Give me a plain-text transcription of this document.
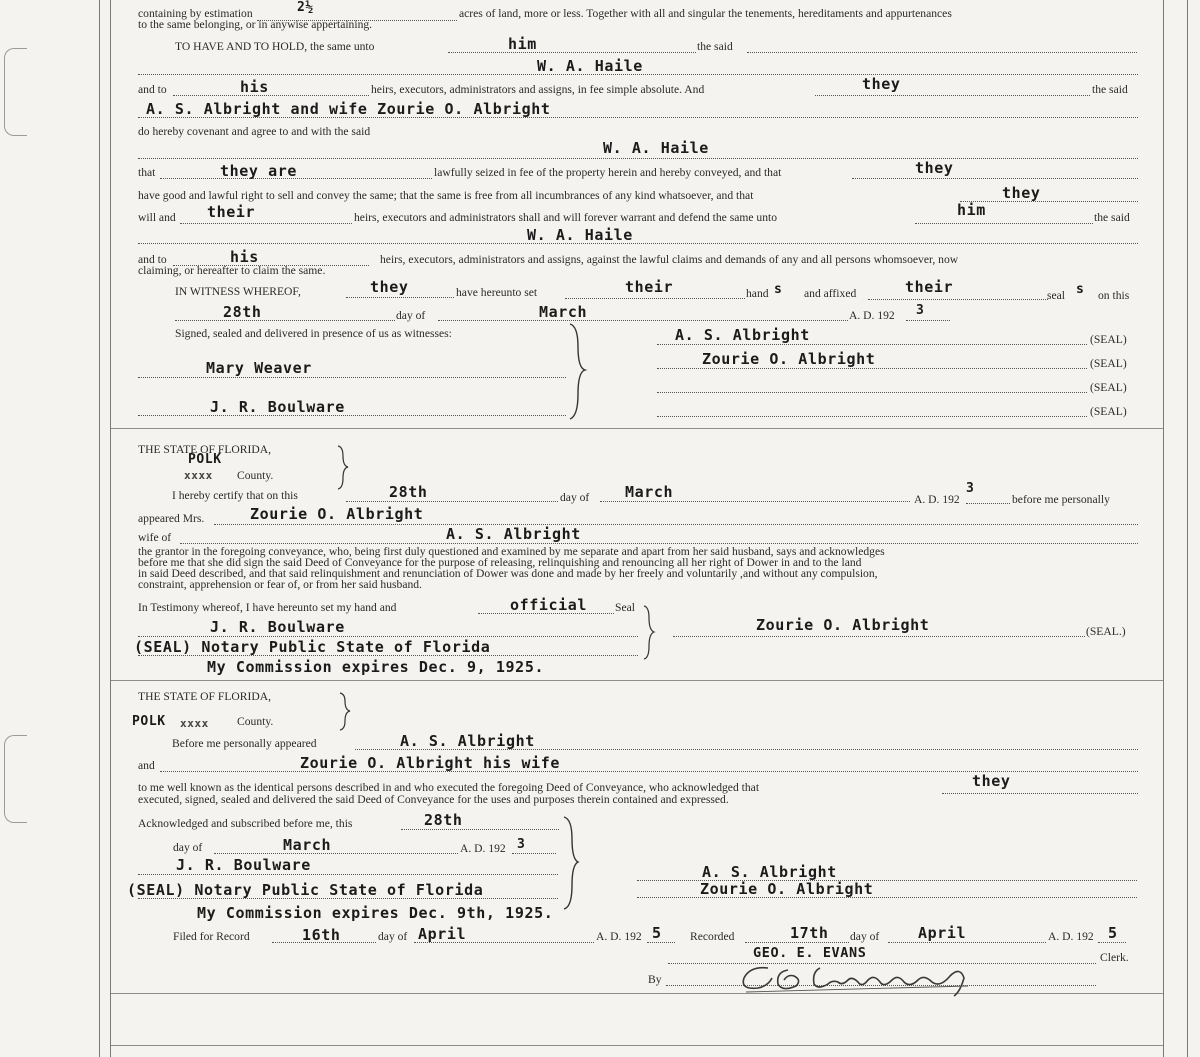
containing by estimation	2½	acres of land, more or less. Together with all and singular the tenements, hereditaments and appurtenances
to the same belonging, or in anywise appertaining.
TO HAVE AND TO HOLD, the same unto	him	the said
W. A. Haile
and to	his	heirs, executors, administrators and assigns, in fee simple absolute. And	they	the said
A. S. Albright and wife Zourie O. Albright
do hereby covenant and agree to and with the said
W. A. Haile
that	they are	lawfully seized in fee of the property herein and hereby conveyed, and that	they
have good and lawful right to sell and convey the same; that the same is free from all incumbrances of any kind whatsoever, and that	they
will and their	heirs, executors and administrators shall and will forever warrant and defend the same unto	him	the said
W. A. Haile
and to	his	heirs, executors, administrators and assigns, against the lawful claims and demands of any and all persons whomsoever, now
claiming, or hereafter to claim the same.
IN WITNESS WHEREOF,	they	have hereunto set	their	hand s and affixed	their	seal s on this
28th	day of	March	A. D. 192 3
Signed, sealed and delivered in presence of us as witnesses:
Mary Weaver
J. R. Boulware
A. S. Albright	(SEAL)
Zourie O. Albright	(SEAL)
(SEAL)
(SEAL)
THE STATE OF FLORIDA,
POLK
xxxx County.
I hereby certify that on this	28th	day of March	A. D. 192
3
before me personally
appeared Mrs.	Zourie O. Albright
wife of	A. S. Albright
the grantor in the foregoing conveyance, who, being first duly questioned and examined by me separate and apart from her said husband, says and acknowledges
before me that she did sign the said Deed of Conveyance for the purpose of releasing, relinquishing and renouncing all her right of Dower in and to the land
in said Deed described, and that said relinquishment and renunciation of Dower was done and made by her freely and voluntarily ,and without any compulsion,
constraint, apprehension or fear of, or from her said husband.
In Testimony whereof, I have hereunto set my hand and	official Seal
J. R. Boulware
(SEAL) Notary Public State of Florida
My Commission expires Dec. 9, 1925.
Zourie O. Albright	(SEAL.)
THE STATE OF FLORIDA,
POLK xxxx County.
Before me personally appeared	A. S. Albright
and	Zourie O. Albright his wife
to me well known as the identical persons described in and who executed the foregoing Deed of Conveyance, who acknowledged that	they
executed, signed, sealed and delivered the said Deed of Conveyance for the uses and purposes therein contained and expressed.
Acknowledged and subscribed before me, this	28th
day of	March	A. D. 192 3
J. R. Boulware
(SEAL) Notary Public State of Florida
My Commission expires Dec. 9th, 1925.
A. S. Albright
Zourie O. Albright
Filed for Record	16th	day of April	A. D. 192 5 Recorded	17th day of	April	A. D. 192 5
GEO. E. EVANS	Clerk.
By
